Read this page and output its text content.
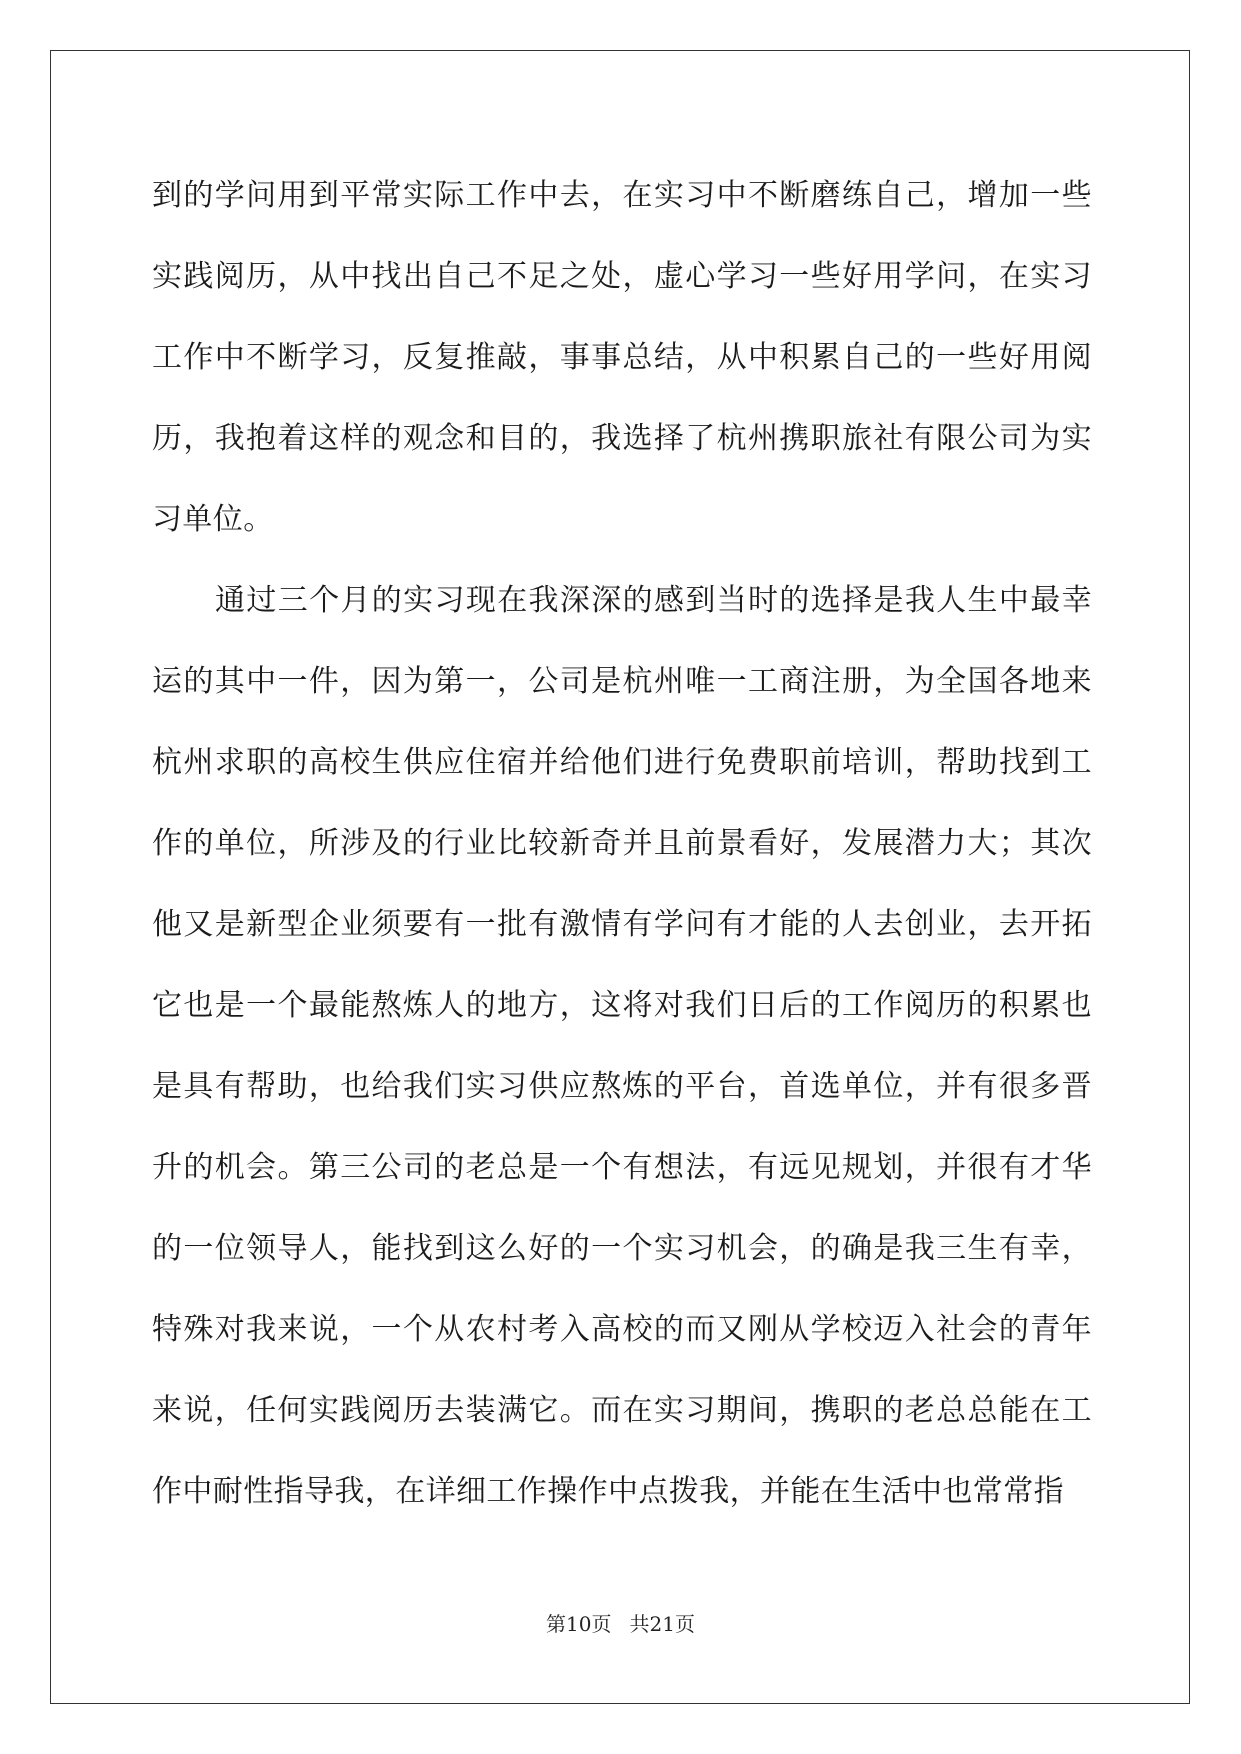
到的学问用到平常实际工作中去，在实习中不断磨练自己，增加一些实践阅历，从中找出自己不足之处，虚心学习一些好用学问，在实习工作中不断学习，反复推敲，事事总结，从中积累自己的一些好用阅历，我抱着这样的观念和目的，我选择了杭州携职旅社有限公司为实习单位。

通过三个月的实习现在我深深的感到当时的选择是我人生中最幸运的其中一件，因为第一，公司是杭州唯一工商注册，为全国各地来杭州求职的高校生供应住宿并给他们进行免费职前培训，帮助找到工作的单位，所涉及的行业比较新奇并且前景看好，发展潜力大；其次他又是新型企业须要有一批有激情有学问有才能的人去创业，去开拓它也是一个最能熬炼人的地方，这将对我们日后的工作阅历的积累也是具有帮助，也给我们实习供应熬炼的平台，首选单位，并有很多晋升的机会。第三公司的老总是一个有想法，有远见规划，并很有才华的一位领导人，能找到这么好的一个实习机会，的确是我三生有幸，特殊对我来说，一个从农村考入高校的而又刚从学校迈入社会的青年来说，任何实践阅历去装满它。而在实习期间，携职的老总总能在工作中耐性指导我，在详细工作操作中点拨我，并能在生活中也常常指

第10页 共21页
